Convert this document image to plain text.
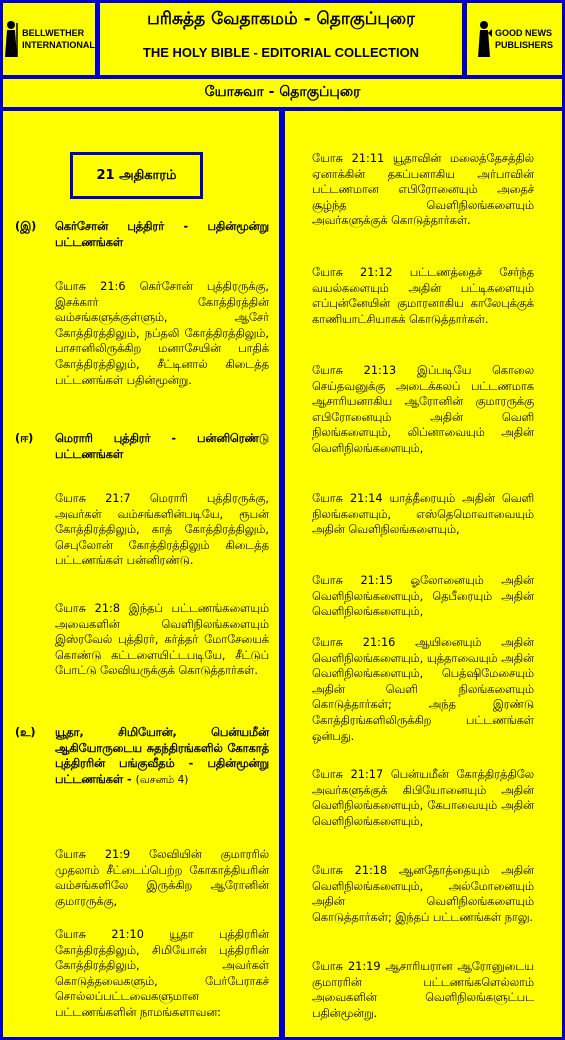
BELLWETHER
INTERNATIONAL
பரிசுத்த வேதாகமம் - தொகுப்புரை
THE HOLY BIBLE - EDITORIAL COLLECTION
GOOD NEWS
PUBLISHERS
யோசுவா - தொகுப்புரை
21 அதிகாரம்
(இ) கெர்சோன் புத்திரர் - பதின்மூன்று பட்டணங்கள்

யோசு 21:6 கெர்சோன் புத்திரருக்கு, இசக்கார் கோத்திரத்தின் வம்சங்களுக்குள்ளும், ஆசேர் கோத்திரத்திலும், நப்தலி கோத்திரத்திலும், பாசானிலிருக்கிற மனாசேயின் பாதிக் கோத்திரத்திலும், சீட்டினால் கிடைத்த பட்டணங்கள் பதின்மூன்று.

(ஈ) மெராரி புத்திரர் - பன்னிரெண்டு பட்டணங்கள்

யோசு 21:7 மெராரி புத்திரருக்கு, அவர்கள் வம்சங்களின்படியே, ரூபன் கோத்திரத்திலும், காத் கோத்திரத்திலும், செபுலோன் கோத்திரத்திலும் கிடைத்த பட்டணங்கள் பன்னிரண்டு.

யோசு 21:8 இந்தப் பட்டணங்களையும் அவைகளின் வெளிநிலங்களையும் இஸ்ரவேல் புத்திரர், கர்த்தர் மோசேயைக் கொண்டு கட்டளையிட்டபடியே, சீட்டுப் போட்டு லேவியருக்குக் கொடுத்தார்கள்.

(உ) யூதா, சிமியோன், பென்யமீன் ஆகியோருடைய சுதந்திரங்களில் கோகாத் புத்திரரின் பங்குவீதம் - பதின்மூன்று பட்டணங்கள் - (வசனம் 4)

யோசு 21:9 லேவியின் குமாரரில் முதலாம் சீட்டைப்பெற்ற கோகாத்தியரின் வம்சங்களிலே இருக்கிற ஆரோனின் குமாரருக்கு,

யோசு 21:10 யூதா புத்திரரின் கோத்திரத்திலும், சிமியோன் புத்திரரின் கோத்திரத்திலும், அவர்கள் கொடுத்தவைகளும், பேர்பேராகச் சொல்லப்பட்டவைகளுமான பட்டணங்களின் நாமங்களாவன:

யோசு 21:11 யூதாவின் மலைத்தேசத்தில் ஏனாக்கின் தகப்பனாகிய அர்பாவின் பட்டணமான எபிரோனையும் அதைச் சூழ்ந்த வெளிநிலங்களையும் அவர்களுக்குக் கொடுத்தார்கள்.

யோசு 21:12 பட்டணத்தைச் சேர்ந்த வயல்களையும் அதின் பட்டிகளையும் எப்புன்னேயின் குமாரனாகிய காலேபுக்குக் காணியாட்சியாகக் கொடுத்தார்கள்.

யோசு 21:13 இப்படியே கொலை செய்தவனுக்கு அடைக்கலப் பட்டணமாக ஆசாரியனாகிய ஆரோனின் குமாரருக்கு எபிரோனையும் அதின் வெளி நிலங்களையும், லிப்னாவையும் அதின் வெளிநிலங்களையும்,

யோசு 21:14 யாத்தீரையும் அதின் வெளி நிலங்களையும், எஸ்தெமொவாவையும் அதின் வெளிநிலங்களையும்,

யோசு 21:15 ஓலோனையும் அதின் வெளிநிலங்களையும், தெபீரையும் அதின் வெளிநிலங்களையும்,

யோசு 21:16 ஆயினையும் அதின் வெளிநிலங்களையும், யுத்தாவையும் அதின் வெளிநிலங்களையும், பெத்ஷிமேசையும் அதின் வெளி நிலங்களையும் கொடுத்தார்கள்; அந்த இரண்டு கோத்திரங்களிலிருக்கிற பட்டணங்கள் ஒன்பது.

யோசு 21:17 பென்யமீன் கோத்திரத்திலே அவர்களுக்குக் கிபியோனையும் அதின் வெளிநிலங்களையும், கேபாவையும் அதின் வெளிநிலங்களையும்,

யோசு 21:18 ஆனதோத்தையும் அதின் வெளிநிலங்களையும், அல்மோனையும் அதின் வெளிநிலங்களையும் கொடுத்தார்கள்; இந்தப் பட்டணங்கள் நாலு.

யோசு 21:19 ஆசாரியரான ஆரோனுடைய குமாரரின் பட்டணங்களெல்லாம் அவைகளின் வெளிநிலங்களுட்பட பதின்மூன்று.
